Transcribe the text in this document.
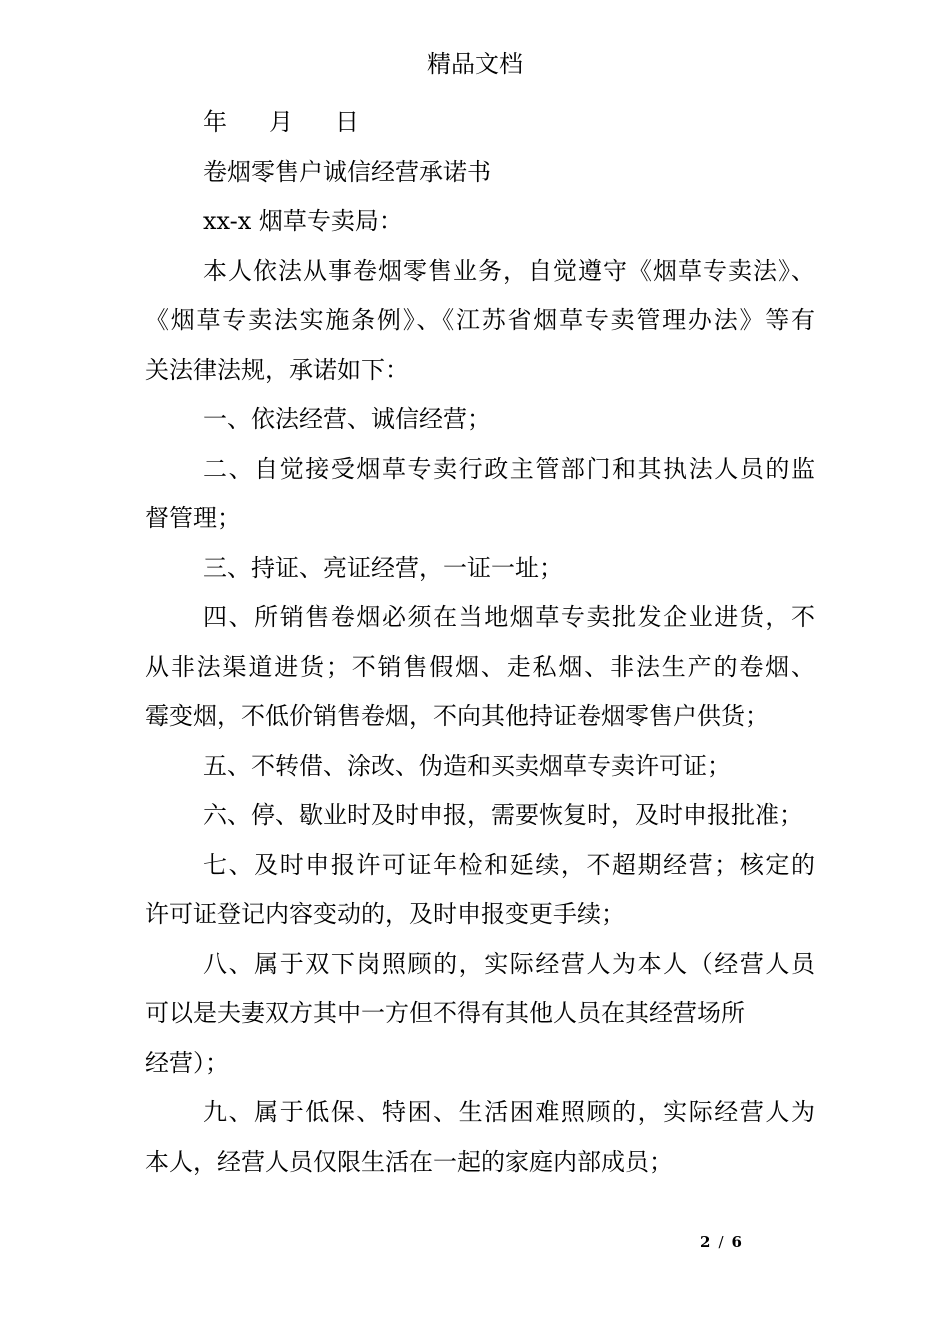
精品文档
年 月 日
卷烟零售户诚信经营承诺书
xx-x 烟草专卖局：
本人依法从事卷烟零售业务，自觉遵守《烟草专卖法》、
《烟草专卖法实施条例》、《江苏省烟草专卖管理办法》等有
关法律法规，承诺如下：
一、依法经营、诚信经营；
二、自觉接受烟草专卖行政主管部门和其执法人员的监
督管理；
三、持证、亮证经营，一证一址；
四、所销售卷烟必须在当地烟草专卖批发企业进货，不
从非法渠道进货；不销售假烟、走私烟、非法生产的卷烟、
霉变烟，不低价销售卷烟，不向其他持证卷烟零售户供货；
五、不转借、涂改、伪造和买卖烟草专卖许可证；
六、停、歇业时及时申报，需要恢复时，及时申报批准；
七、及时申报许可证年检和延续，不超期经营；核定的
许可证登记内容变动的，及时申报变更手续；
八、属于双下岗照顾的，实际经营人为本人（经营人员
可以是夫妻双方其中一方但不得有其他人员在其经营场所
经营）；
九、属于低保、特困、生活困难照顾的，实际经营人为
本人，经营人员仅限生活在一起的家庭内部成员；
2 / 6
